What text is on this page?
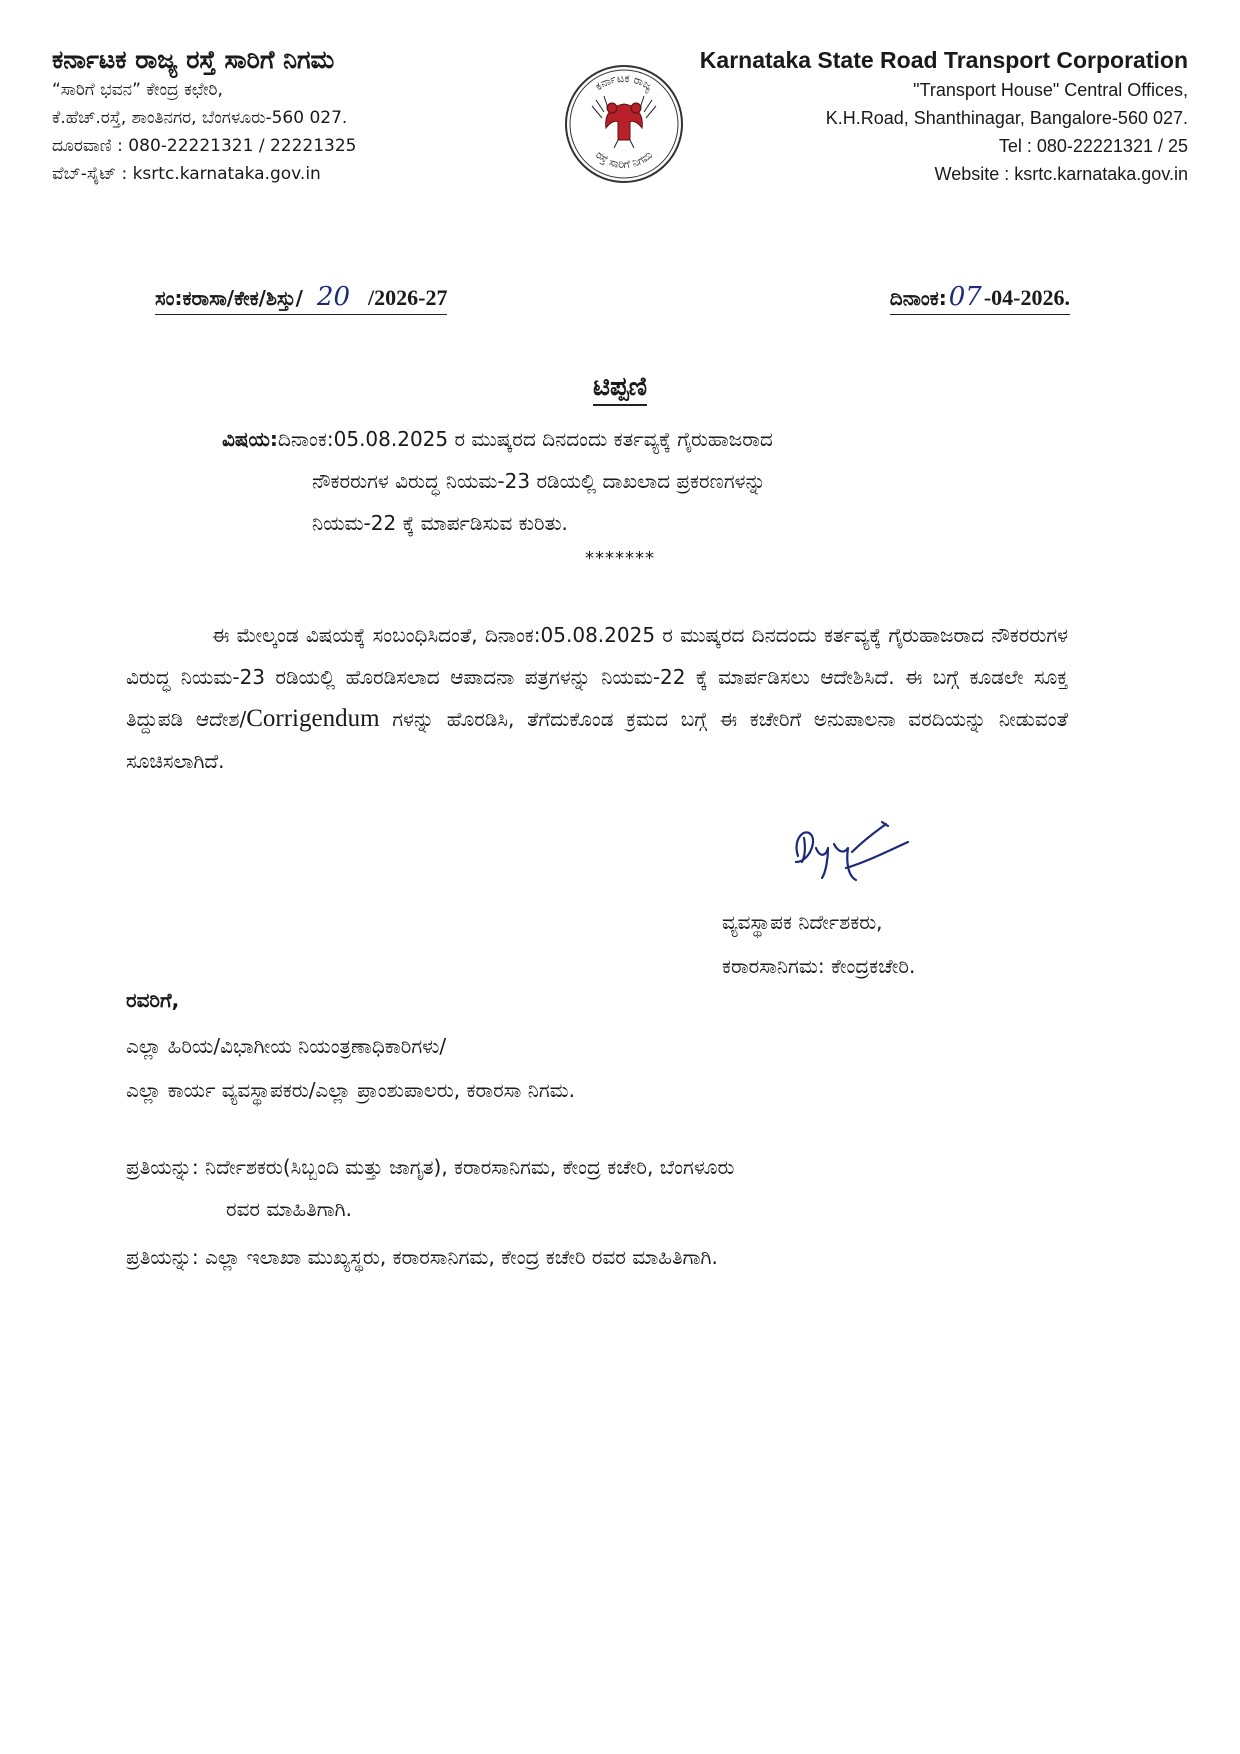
ಕರ್ನಾಟಕ ರಾಜ್ಯ ರಸ್ತೆ ಸಾರಿಗೆ ನಿಗಮ
“ಸಾರಿಗೆ ಭವನ” ಕೇಂದ್ರ ಕಛೇರಿ,
ಕೆ.ಹೆಚ್.ರಸ್ತೆ, ಶಾಂತಿನಗರ, ಬೆಂಗಳೂರು-560 027.
ದೂರವಾಣಿ : 080-22221321 / 22221325
ವೆಬ್-ಸೈಟ್ : ksrtc.karnataka.gov.in
ಕರ್ನಾಟಕ ರಾಜ್ಯ
ರಸ್ತೆ ಸಾರಿಗೆ ನಿಗಮ
Karnataka State Road Transport Corporation
"Transport House" Central Offices,
K.H.Road, Shanthinagar, Bangalore-560 027.
Tel : 080-22221321 / 25
Website : ksrtc.karnataka.gov.in
ಸಂ:ಕರಾಸಾ/ಕೇಕ/ಶಿಸ್ತು/ 20 /2026-27	ದಿನಾಂಕ:07-04-2026.
ಟಿಪ್ಪಣಿ
ವಿಷಯ:ದಿನಾಂಕ:05.08.2025 ರ ಮುಷ್ಕರದ ದಿನದಂದು ಕರ್ತವ್ಯಕ್ಕೆ ಗೈರುಹಾಜರಾದ
ನೌಕರರುಗಳ ವಿರುದ್ಧ ನಿಯಮ-23 ರಡಿಯಲ್ಲಿ ದಾಖಲಾದ ಪ್ರಕರಣಗಳನ್ನು
ನಿಯಮ-22 ಕ್ಕೆ ಮಾರ್ಪಡಿಸುವ ಕುರಿತು.
*******
ಈ ಮೇಲ್ಕಂಡ ವಿಷಯಕ್ಕೆ ಸಂಬಂಧಿಸಿದಂತೆ, ದಿನಾಂಕ:05.08.2025 ರ ಮುಷ್ಕರದ ದಿನದಂದು ಕರ್ತವ್ಯಕ್ಕೆ ಗೈರುಹಾಜರಾದ ನೌಕರರುಗಳ ವಿರುದ್ಧ ನಿಯಮ-23 ರಡಿಯಲ್ಲಿ ಹೊರಡಿಸಲಾದ ಆಪಾದನಾ ಪತ್ರಗಳನ್ನು ನಿಯಮ-22 ಕ್ಕೆ ಮಾರ್ಪಡಿಸಲು ಆದೇಶಿಸಿದೆ. ಈ ಬಗ್ಗೆ ಕೂಡಲೇ ಸೂಕ್ತ ತಿದ್ದುಪಡಿ ಆದೇಶ/Corrigendum ಗಳನ್ನು ಹೊರಡಿಸಿ, ತೆಗೆದುಕೊಂಡ ಕ್ರಮದ ಬಗ್ಗೆ ಈ ಕಚೇರಿಗೆ ಅನುಪಾಲನಾ ವರದಿಯನ್ನು ನೀಡುವಂತೆ ಸೂಚಿಸಲಾಗಿದೆ.
ವ್ಯವಸ್ಥಾಪಕ ನಿರ್ದೇಶಕರು,
ಕರಾರಸಾನಿಗಮ: ಕೇಂದ್ರಕಚೇರಿ.
ರವರಿಗೆ,
ಎಲ್ಲಾ ಹಿರಿಯ/ವಿಭಾಗೀಯ ನಿಯಂತ್ರಣಾಧಿಕಾರಿಗಳು/
ಎಲ್ಲಾ ಕಾರ್ಯ ವ್ಯವಸ್ಥಾಪಕರು/ಎಲ್ಲಾ ಪ್ರಾಂಶುಪಾಲರು, ಕರಾರಸಾ ನಿಗಮ.
ಪ್ರತಿಯನ್ನು: ನಿರ್ದೇಶಕರು(ಸಿಬ್ಬಂದಿ ಮತ್ತು ಜಾಗೃತ), ಕರಾರಸಾನಿಗಮ, ಕೇಂದ್ರ ಕಚೇರಿ, ಬೆಂಗಳೂರು
ರವರ ಮಾಹಿತಿಗಾಗಿ.
ಪ್ರತಿಯನ್ನು: ಎಲ್ಲಾ ಇಲಾಖಾ ಮುಖ್ಯಸ್ಥರು, ಕರಾರಸಾನಿಗಮ, ಕೇಂದ್ರ ಕಚೇರಿ ರವರ ಮಾಹಿತಿಗಾಗಿ.
